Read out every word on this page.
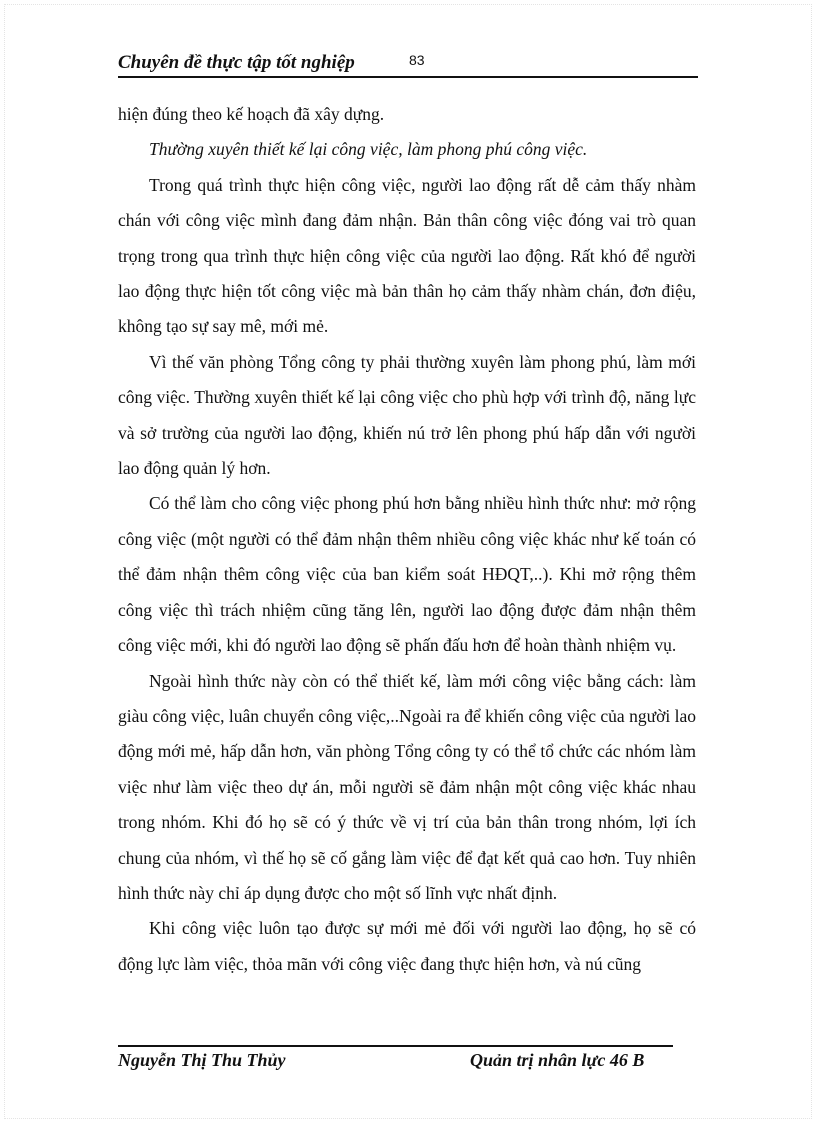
Chuyên đề thực tập tốt nghiệp	83

hiện đúng theo kế hoạch đã xây dựng.

Thường xuyên thiết kế lại công việc, làm phong phú công việc.

Trong quá trình thực hiện công việc, người lao động rất dễ cảm thấy nhàm chán với công việc mình đang đảm nhận. Bản thân công việc đóng vai trò quan trọng trong qua trình thực hiện công việc của người lao động. Rất khó để người lao động thực hiện tốt công việc mà bản thân họ cảm thấy nhàm chán, đơn điệu, không tạo sự say mê, mới mẻ.

Vì thế văn phòng Tổng công ty phải thường xuyên làm phong phú, làm mới công việc. Thường xuyên thiết kế lại công việc cho phù hợp với trình độ, năng lực và sở trường của người lao động, khiến nú trở lên phong phú hấp dẫn với người lao động quản lý hơn.

Có thể làm cho công việc phong phú hơn bằng nhiều hình thức như: mở rộng công việc (một người có thể đảm nhận thêm nhiều công việc khác như kế toán có thể đảm nhận thêm công việc của ban kiểm soát HĐQT,..). Khi mở rộng thêm công việc thì trách nhiệm cũng tăng lên, người lao động được đảm nhận thêm công việc mới, khi đó người lao động sẽ phấn đấu hơn để hoàn thành nhiệm vụ.

Ngoài hình thức này còn có thể thiết kế, làm mới công việc bằng cách: làm giàu công việc, luân chuyển công việc,..Ngoài ra để khiến công việc của người lao động mới mẻ, hấp dẫn hơn, văn phòng Tổng công ty có thể tổ chức các nhóm làm việc như làm việc theo dự án, mỗi người sẽ đảm nhận một công việc khác nhau trong nhóm. Khi đó họ sẽ có ý thức về vị trí của bản thân trong nhóm, lợi ích chung của nhóm, vì thế họ sẽ cố gắng làm việc để đạt kết quả cao hơn. Tuy nhiên hình thức này chỉ áp dụng được cho một số lĩnh vực nhất định.

Khi công việc luôn tạo được sự mới mẻ đối với người lao động, họ sẽ có động lực làm việc, thỏa mãn với công việc đang thực hiện hơn, và nú cũng

Nguyễn Thị Thu Thủy	Quản trị nhân lực 46 B
